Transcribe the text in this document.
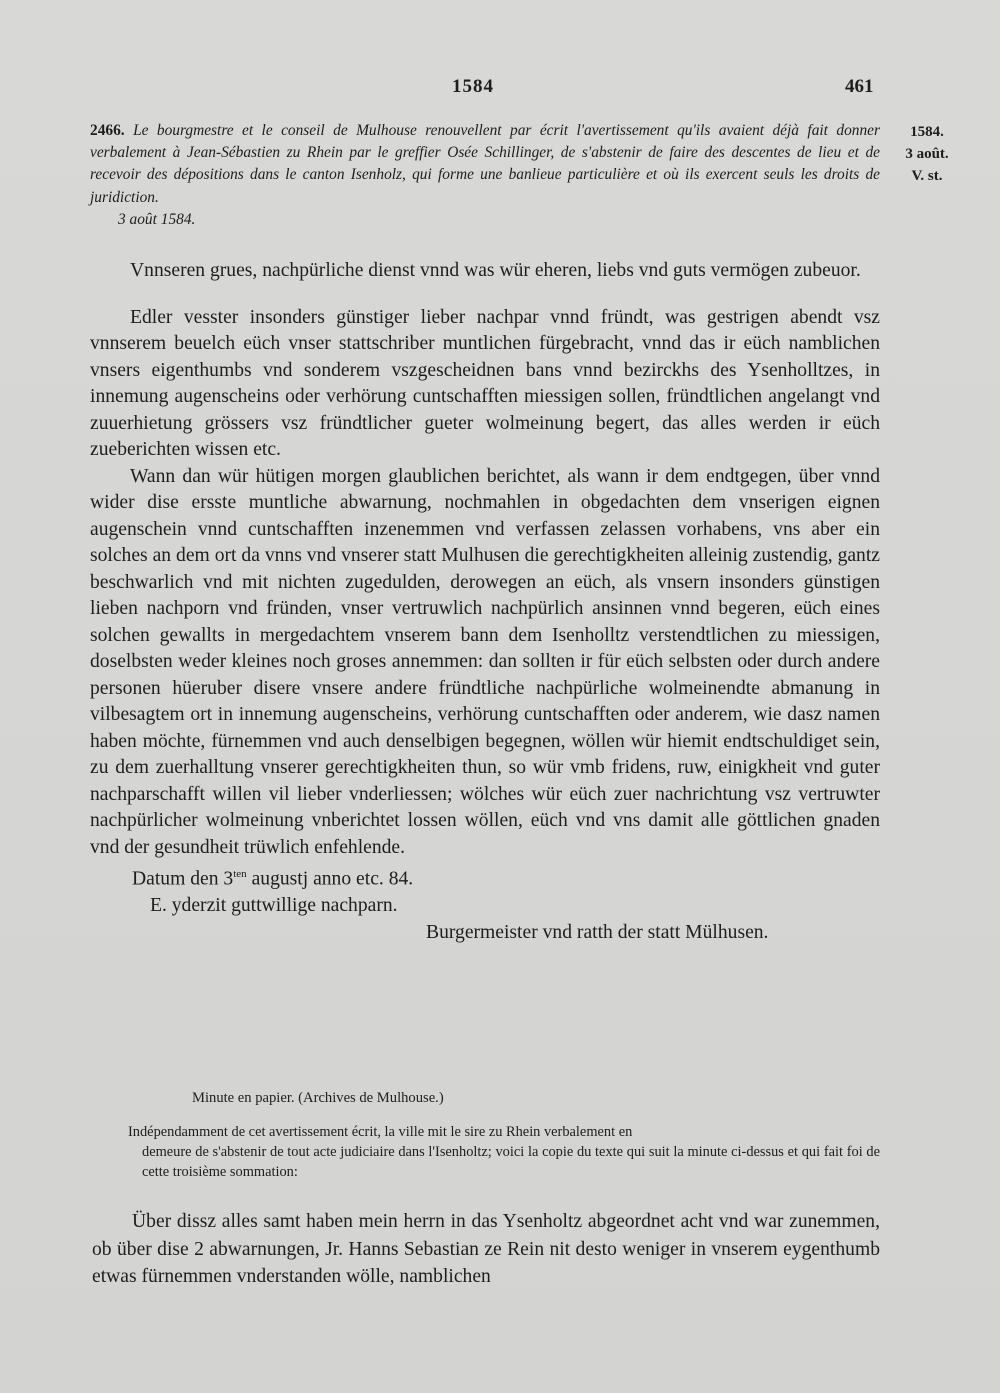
1584	461
2466. Le bourgmestre et le conseil de Mulhouse renouvellent par écrit l'avertissement qu'ils avaient déjà fait donner verbalement à Jean-Sébastien zu Rhein par le greffier Osée Schillinger, de s'abstenir de faire des descentes de lieu et de recevoir des dépositions dans le canton Isenholz, qui forme une banlieue particulière et où ils exercent seuls les droits de juridiction.
3 août 1584.
1584.
3 août.
V. st.

Vnnseren grues, nachpürliche dienst vnnd was wür eheren, liebs vnd guts vermögen zubeuor.

Edler vesster insonders günstiger lieber nachpar vnnd fründt, was gestrigen abendt vsz vnnserem beuelch eüch vnser stattschriber muntlichen fürgebracht, vnnd das ir eüch namblichen vnsers eigenthumbs vnd sonderem vszgescheidnen bans vnnd bezirckhs des Ysenholltzes, in innemung augenscheins oder verhörung cuntschafften miessigen sollen, fründtlichen angelangt vnd zuuerhietung grössers vsz fründtlicher gueter wolmeinung begert, das alles werden ir eüch zueberichten wissen etc.

Wann dan wür hütigen morgen glaublichen berichtet, als wann ir dem endtgegen, über vnnd wider dise ersste muntliche abwarnung, nochmahlen in obgedachten dem vnserigen eignen augenschein vnnd cuntschafften inzenemmen vnd verfassen zelassen vorhabens, vns aber ein solches an dem ort da vnns vnd vnserer statt Mulhusen die gerechtigkheiten alleinig zustendig, gantz beschwarlich vnd mit nichten zugedulden, derowegen an eüch, als vnsern insonders günstigen lieben nachporn vnd fründen, vnser vertruwlich nachpürlich ansinnen vnnd begeren, eüch eines solchen gewallts in mergedachtem vnserem bann dem Isenholltz verstendtlichen zu miessigen, doselbsten weder kleines noch groses annemmen: dan sollten ir für eüch selbsten oder durch andere personen hüeruber disere vnsere andere fründtliche nachpürliche wolmeinendte abmanung in vilbesagtem ort in innemung augenscheins, verhörung cuntschafften oder anderem, wie dasz namen haben möchte, fürnemmen vnd auch denselbigen begegnen, wöllen wür hiemit endtschuldiget sein, zu dem zuerhalltung vnserer gerechtigkheiten thun, so wür vmb fridens, ruw, einigkheit vnd guter nachparschafft willen vil lieber vnderliessen; wölches wür eüch zuer nachrichtung vsz vertruwter nachpürlicher wolmeinung vnberichtet lossen wöllen, eüch vnd vns damit alle göttlichen gnaden vnd der gesundheit trüwlich enfehlende.

Datum den $3^{ten}$ augustj anno etc. 84.

E. yderzit guttwillige nachparn.

Burgermeister vnd ratth der statt Mülhusen.

Minute en papier. (Archives de Mulhouse.)
Indépendamment de cet avertissement écrit, la ville mit le sire zu Rhein verbalement en
demeure de s'abstenir de tout acte judiciaire dans l'Isenholtz; voici la copie du texte qui suit la minute ci-dessus et qui fait foi de cette troisième sommation:

Über dissz alles samt haben mein herrn in das Ysenholtz abgeordnet acht vnd war zunemmen, ob über dise 2 abwarnungen, Jr. Hanns Sebastian ze Rein nit desto weniger in vnserem eygenthumb etwas fürnemmen vnderstanden wölle, namblichen
